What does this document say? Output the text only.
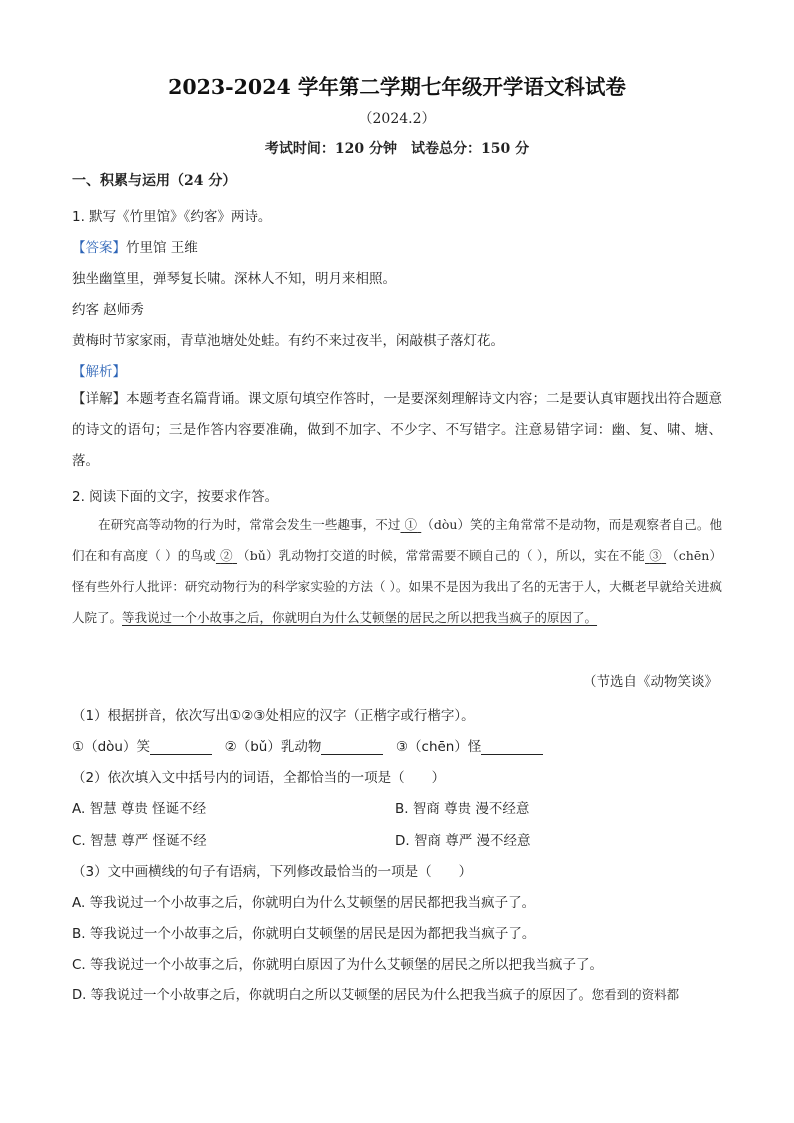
2023-2024 学年第二学期七年级开学语文科试卷
（2024.2）
考试时间：120 分钟　试卷总分：150 分
一、积累与运用（24 分）
1. 默写《竹里馆》《约客》两诗。
【答案】竹里馆 王维
独坐幽篁里，弹琴复长啸。深林人不知，明月来相照。
约客 赵师秀
黄梅时节家家雨，青草池塘处处蛙。有约不来过夜半，闲敲棋子落灯花。
【解析】
【详解】本题考查名篇背诵。课文原句填空作答时，一是要深刻理解诗文内容；二是要认真审题找出符合题意的诗文的语句；三是作答内容要准确，做到不加字、不少字、不写错字。注意易错字词：幽、复、啸、塘、落。
2. 阅读下面的文字，按要求作答。
在研究高等动物的行为时，常常会发生一些趣事，不过 ① （dòu）笑的主角常常不是动物，而是观察者自己。他们在和有高度（ ）的鸟或 ② （bǔ）乳动物打交道的时候，常常需要不顾自己的（ ），所以，实在不能 ③ （chēn）怪有些外行人批评：研究动物行为的科学家实验的方法（ ）。如果不是因为我出了名的无害于人，大概老早就给关进疯人院了。等我说过一个小故事之后，你就明白为什么艾顿堡的居民之所以把我当疯子的原因了。
（节选自《动物笑谈》
（1）根据拼音，依次写出①②③处相应的汉字（正楷字或行楷字）。
①（dòu）笑	②（bǔ）乳动物	③（chēn）怪
（2）依次填入文中括号内的词语，全都恰当的一项是（　　）
A. 智慧 尊贵 怪诞不经	B. 智商 尊贵 漫不经意
C. 智慧 尊严 怪诞不经	D. 智商 尊严 漫不经意
（3）文中画横线的句子有语病，下列修改最恰当的一项是（　　）
A. 等我说过一个小故事之后，你就明白为什么艾顿堡的居民都把我当疯子了。
B. 等我说过一个小故事之后，你就明白艾顿堡的居民是因为都把我当疯子了。
C. 等我说过一个小故事之后，你就明白原因了为什么艾顿堡的居民之所以把我当疯子了。
D. 等我说过一个小故事之后，你就明白之所以艾顿堡的居民为什么把我当疯子的原因了。您看到的资料都
